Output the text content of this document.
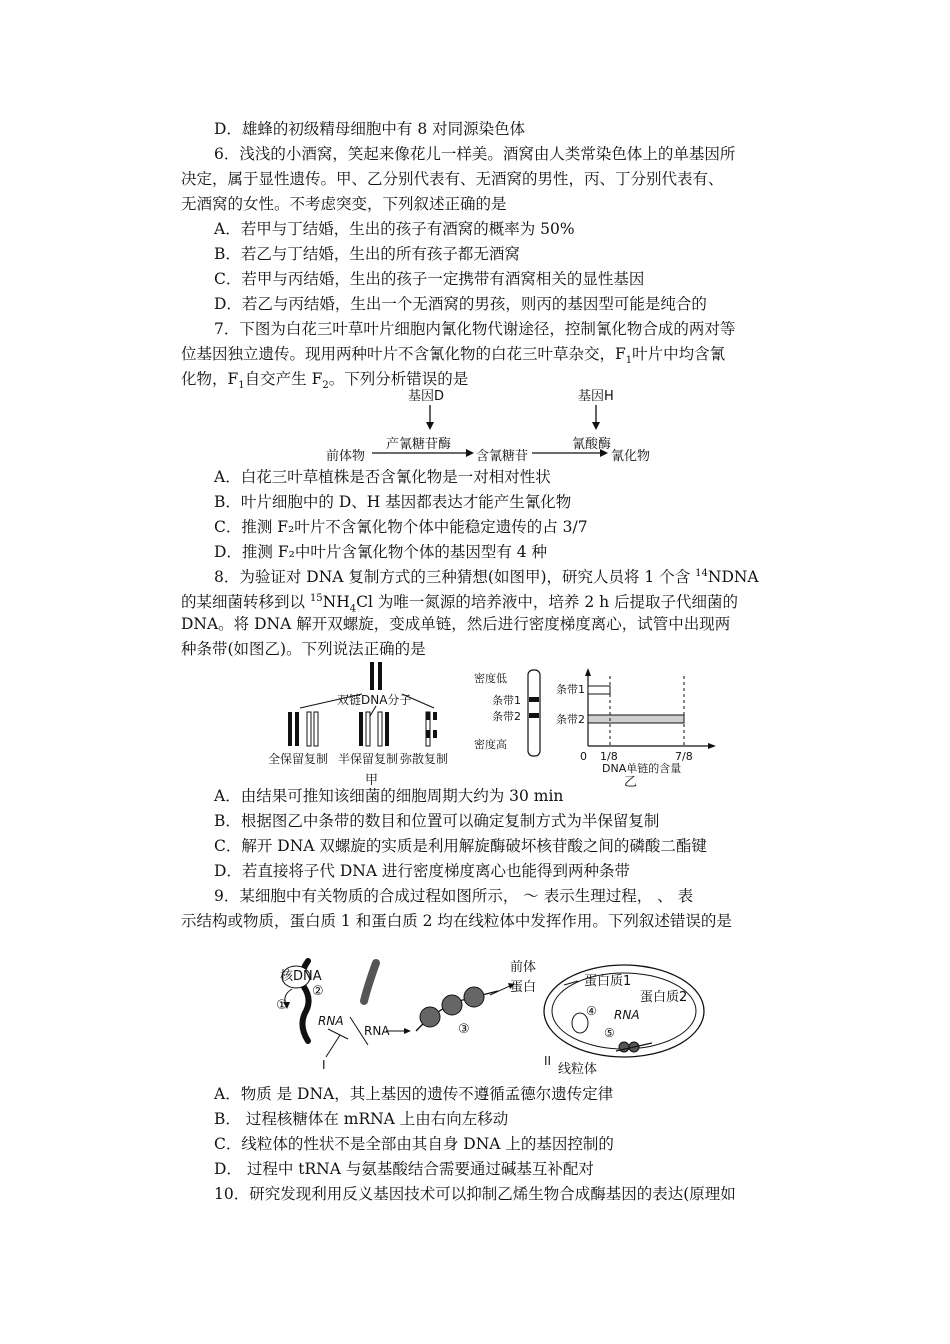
D．雄蜂的初级精母细胞中有 8 对同源染色体
6．浅浅的小酒窝，笑起来像花儿一样美。酒窝由人类常染色体上的单基因所
决定，属于显性遗传。甲、乙分别代表有、无酒窝的男性，丙、丁分别代表有、
无酒窝的女性。不考虑突变，下列叙述正确的是
A．若甲与丁结婚，生出的孩子有酒窝的概率为 50%
B．若乙与丁结婚，生出的所有孩子都无酒窝
C．若甲与丙结婚，生出的孩子一定携带有酒窝相关的显性基因
D．若乙与丙结婚，生出一个无酒窝的男孩，则丙的基因型可能是纯合的
7．下图为白花三叶草叶片细胞内氰化物代谢途径，控制氰化物合成的两对等
位基因独立遗传。现用两种叶片不含氰化物的白花三叶草杂交，$F_1$叶片中均含氰
化物，$F_1$自交产生 $F_2$。下列分析错误的是
基因D	基因H
产氰糖苷酶	氰酸酶
前体物	含氰糖苷	氰化物
A．白花三叶草植株是否含氰化物是一对相对性状
B．叶片细胞中的 D、H 基因都表达才能产生氰化物
C．推测 F₂叶片不含氰化物个体中能稳定遗传的占 3/7
D．推测 F₂中叶片含氰化物个体的基因型有 4 种
8．为验证对 DNA 复制方式的三种猜想(如图甲)，研究人员将 1 个含 $^{14}$NDNA
的某细菌转移到以 $^{15}NH_4Cl$ 为唯一氮源的培养液中，培养 2 h 后提取子代细菌的
DNA。将 DNA 解开双螺旋，变成单链，然后进行密度梯度离心，试管中出现两
种条带(如图乙)。下列说法正确的是
双链DNA分子
全保留复制 半保留复制 弥散复制
甲
密度低
条带1
条带2
密度高
条带1
条带2
0 1/8	7/8
DNA单链的含量
乙
A．由结果可推知该细菌的细胞周期大约为 30 min
B．根据图乙中条带的数目和位置可以确定复制方式为半保留复制
C．解开 DNA 双螺旋的实质是利用解旋酶破坏核苷酸之间的磷酸二酯键
D．若直接将子代 DNA 进行密度梯度离心也能得到两种条带
9．某细胞中有关物质的合成过程如图所示， ～ 表示生理过程， 、 表
示结构或物质，蛋白质 1 和蛋白质 2 均在线粒体中发挥作用。下列叙述错误的是
核DNA
①
②
RNA
I
RNA	③
前体
蛋白	蛋白质1
蛋白质2
④ RNA
⑤
II
线粒体
A．物质 是 DNA，其上基因的遗传不遵循孟德尔遗传定律
B． 过程核糖体在 mRNA 上由右向左移动
C．线粒体的性状不是全部由其自身 DNA 上的基因控制的
D． 过程中 tRNA 与氨基酸结合需要通过碱基互补配对
10．研究发现利用反义基因技术可以抑制乙烯生物合成酶基因的表达(原理如
